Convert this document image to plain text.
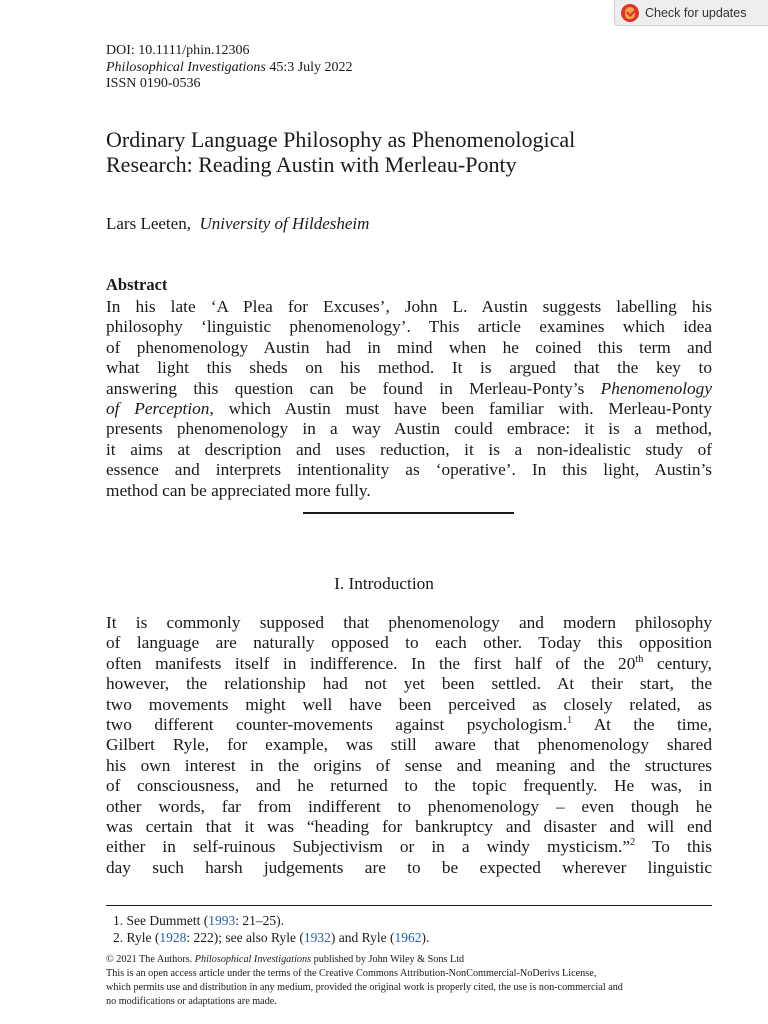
Check for updates
DOI: 10.1111/phin.12306
Philosophical Investigations 45:3 July 2022
ISSN 0190-0536
Ordinary Language Philosophy as Phenomenological
Research: Reading Austin with Merleau-Ponty
Lars Leeten, University of Hildesheim
Abstract
In his late ‘A Plea for Excuses’, John L. Austin suggests labelling his
philosophy ‘linguistic phenomenology’. This article examines which idea
of phenomenology Austin had in mind when he coined this term and
what light this sheds on his method. It is argued that the key to
answering this question can be found in Merleau-Ponty’s Phenomenology
of Perception, which Austin must have been familiar with. Merleau-Ponty
presents phenomenology in a way Austin could embrace: it is a method,
it aims at description and uses reduction, it is a non-idealistic study of
essence and interprets intentionality as ‘operative’. In this light, Austin’s
method can be appreciated more fully.
I. Introduction
It is commonly supposed that phenomenology and modern philosophy
of language are naturally opposed to each other. Today this opposition
often manifests itself in indifference. In the first half of the 20th century,
however, the relationship had not yet been settled. At their start, the
two movements might well have been perceived as closely related, as
two different counter-movements against psychologism.$^1$ At the time,
Gilbert Ryle, for example, was still aware that phenomenology shared
his own interest in the origins of sense and meaning and the structures
of consciousness, and he returned to the topic frequently. He was, in
other words, far from indifferent to phenomenology – even though he
was certain that it was “heading for bankruptcy and disaster and will end
either in self-ruinous Subjectivism or in a windy mysticism.”$^2$ To this
day such harsh judgements are to be expected wherever linguistic
1. See Dummett (1993: 21–25).
2. Ryle (1928: 222); see also Ryle (1932) and Ryle (1962).
© 2021 The Authors. Philosophical Investigations published by John Wiley & Sons Ltd
This is an open access article under the terms of the Creative Commons Attribution-NonCommercial-NoDerivs License,
which permits use and distribution in any medium, provided the original work is properly cited, the use is non-commercial and
no modifications or adaptations are made.
